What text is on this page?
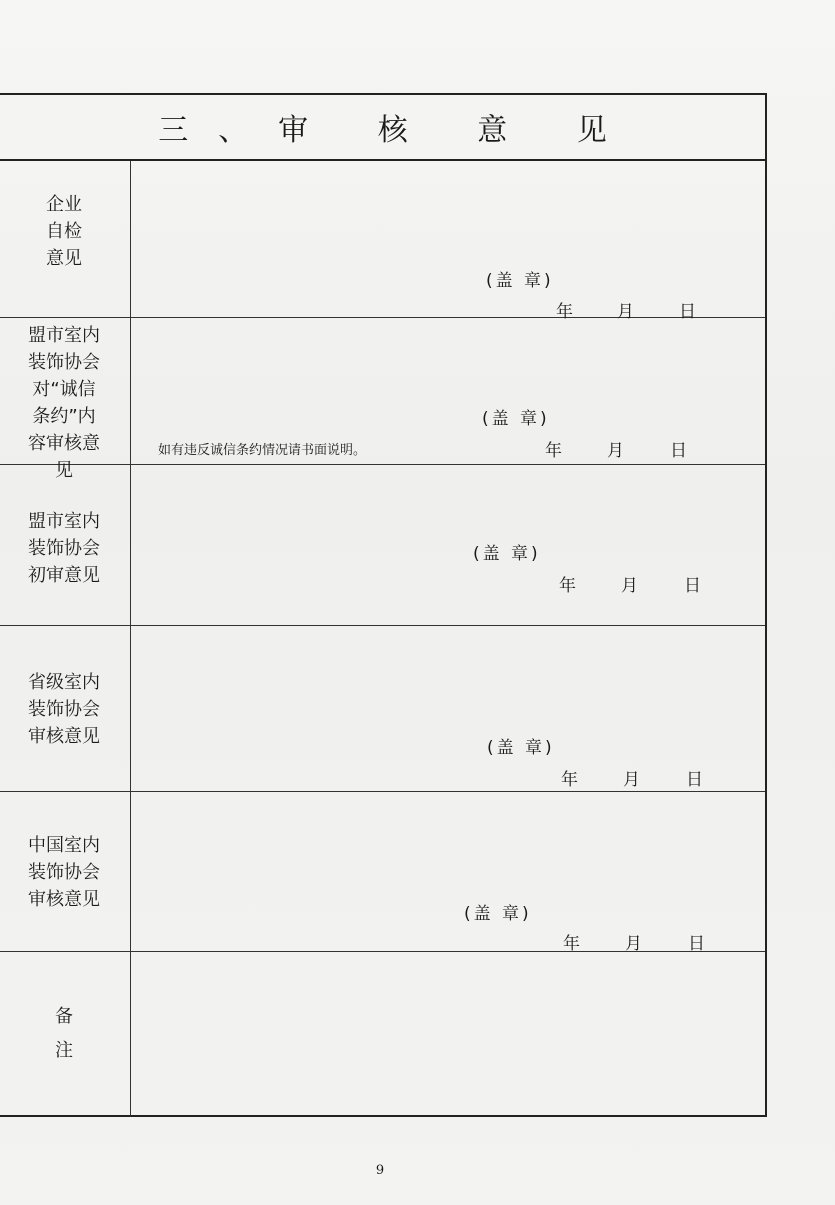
三、审 核 意 见
企业
自检
意见
(盖 章)
年	月	日
盟市室内
装饰协会
对“诚信
条约”内
容审核意
见
如有违反诚信条约情况请书面说明。
(盖 章)
年	月	日
盟市室内
装饰协会
初审意见
(盖 章)
年	月	日
省级室内
装饰协会
审核意见
(盖 章)
年	月	日
中国室内
装饰协会
审核意见
(盖 章)
年	月	日
备

注
9
